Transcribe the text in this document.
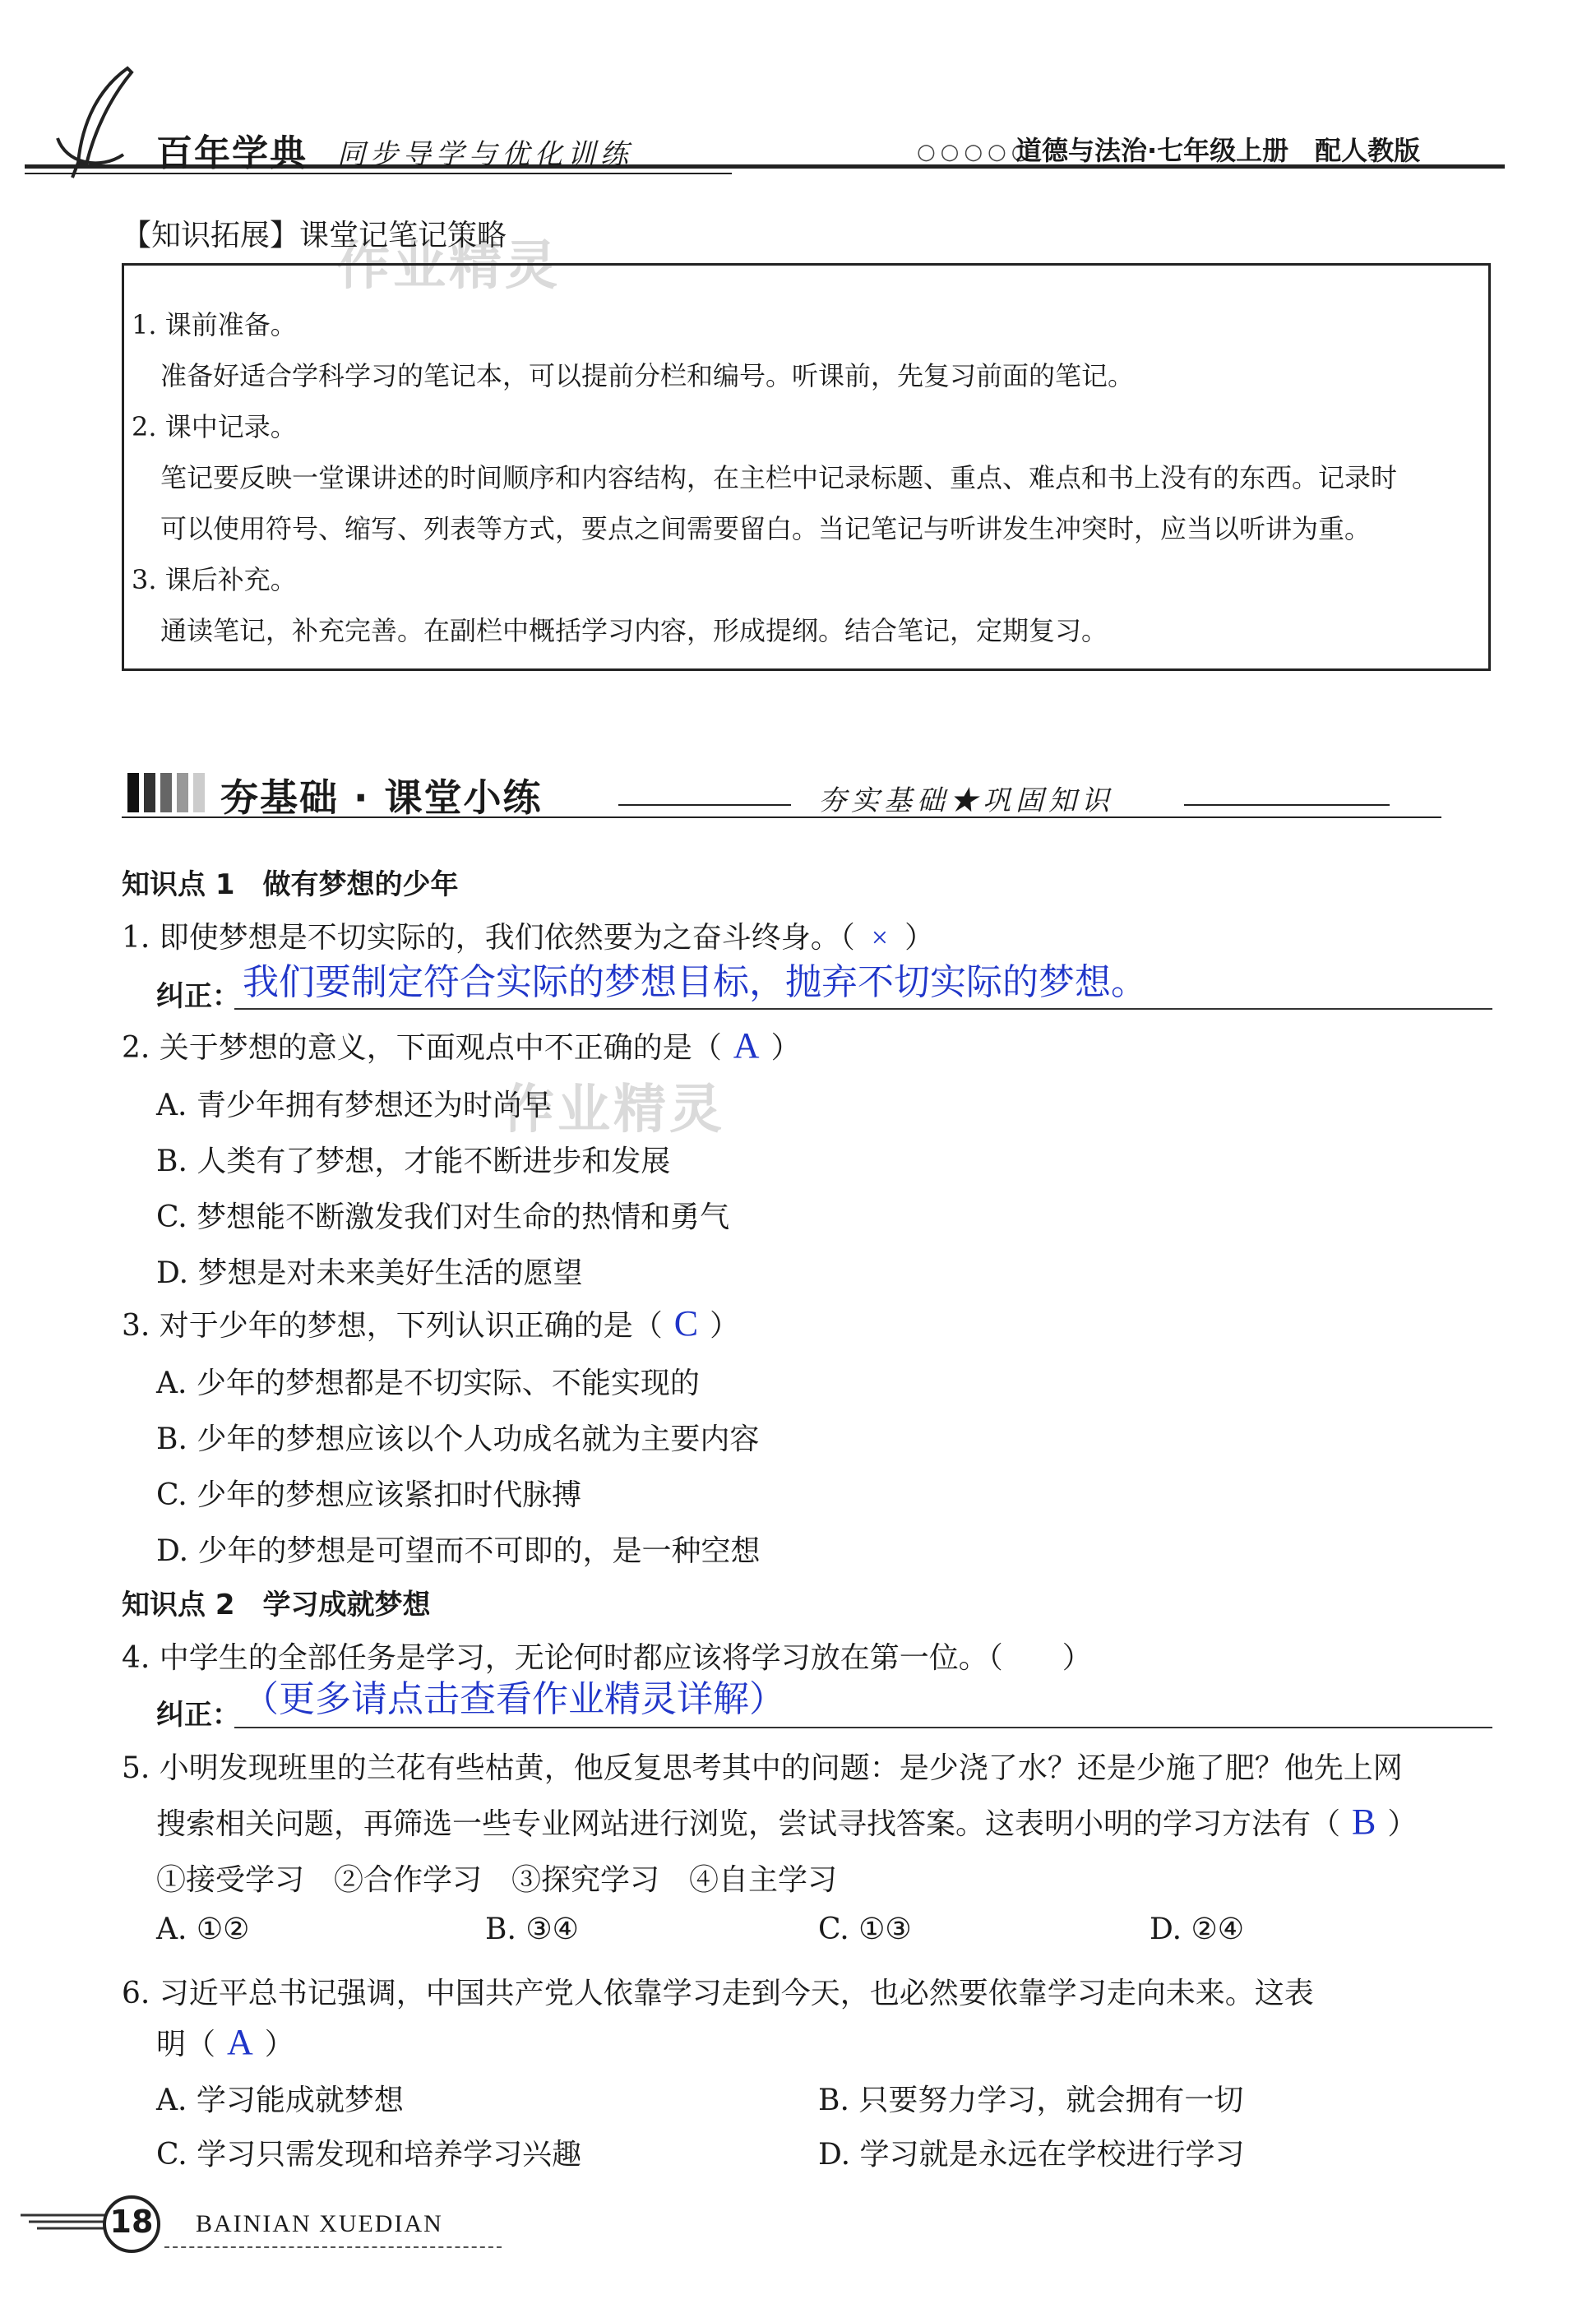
百年学典 同步导学与优化训练	○○○○○
道德与法治·七年级上册　配人教版
作业精灵
作业精灵
【知识拓展】课堂记笔记策略
1. 课前准备。
准备好适合学科学习的笔记本，可以提前分栏和编号。听课前，先复习前面的笔记。
2. 课中记录。
笔记要反映一堂课讲述的时间顺序和内容结构，在主栏中记录标题、重点、难点和书上没有的东西。记录时
可以使用符号、缩写、列表等方式，要点之间需要留白。当记笔记与听讲发生冲突时，应当以听讲为重。
3. 课后补充。
通读笔记，补充完善。在副栏中概括学习内容，形成提纲。结合笔记，定期复习。
夯基础 · 课堂小练	夯实基础★巩固知识
知识点 1　做有梦想的少年
1. 即使梦想是不切实际的，我们依然要为之奋斗终身。（ × ）
纠正： 我们要制定符合实际的梦想目标，抛弃不切实际的梦想。
2. 关于梦想的意义，下面观点中不正确的是（ A ）
A. 青少年拥有梦想还为时尚早
B. 人类有了梦想，才能不断进步和发展
C. 梦想能不断激发我们对生命的热情和勇气
D. 梦想是对未来美好生活的愿望
3. 对于少年的梦想，下列认识正确的是（ C ）
A. 少年的梦想都是不切实际、不能实现的
B. 少年的梦想应该以个人功成名就为主要内容
C. 少年的梦想应该紧扣时代脉搏
D. 少年的梦想是可望而不可即的，是一种空想
知识点 2　学习成就梦想
4. 中学生的全部任务是学习，无论何时都应该将学习放在第一位。（　　）
纠正： （更多请点击查看作业精灵详解）
5. 小明发现班里的兰花有些枯黄，他反复思考其中的问题：是少浇了水？还是少施了肥？他先上网
搜索相关问题，再筛选一些专业网站进行浏览，尝试寻找答案。这表明小明的学习方法有（ B ）
①接受学习　②合作学习　③探究学习　④自主学习
A. ①②	B. ③④	C. ①③	D. ②④
6. 习近平总书记强调，中国共产党人依靠学习走到今天，也必然要依靠学习走向未来。这表
明（ A ）
A. 学习能成就梦想	B. 只要努力学习，就会拥有一切
C. 学习只需发现和培养学习兴趣	D. 学习就是永远在学校进行学习
18 BAINIAN XUEDIAN
